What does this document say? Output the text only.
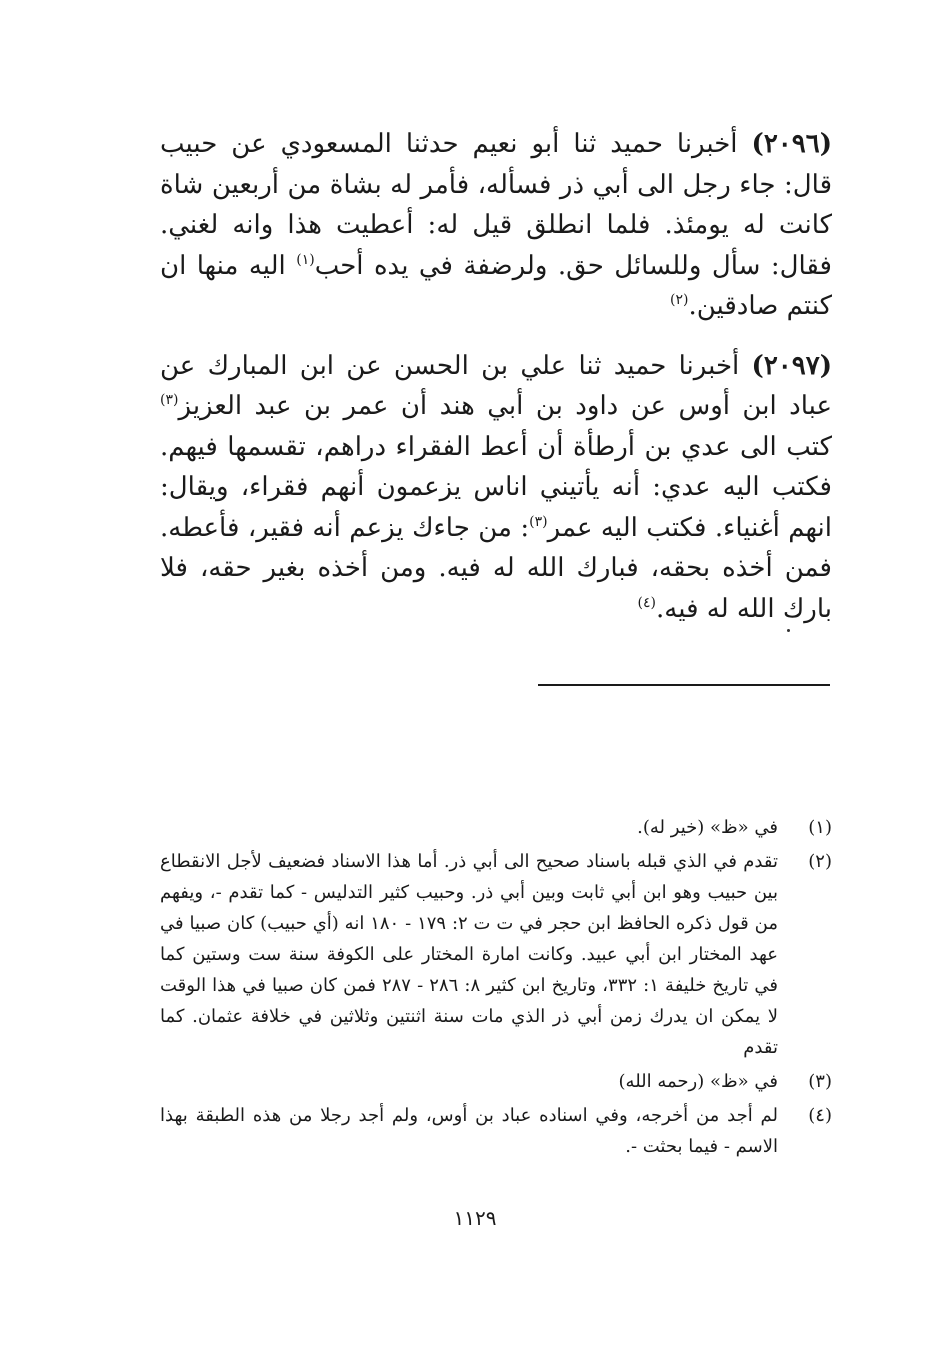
(٢٠٩٦) أخبرنا حميد ثنا أبو نعيم حدثنا المسعودي عن حبيب قال: جاء رجل الى أبي ذر فسأله، فأمر له بشاة من أربعين شاة كانت له يومئذ. فلما انطلق قيل له: أعطيت هذا وانه لغني. فقال: سأل وللسائل حق. ولرضفة في يده أحب$^{(١)}$ اليه منها ان كنتم صادقين.$^{(٢)}$

(٢٠٩٧) أخبرنا حميد ثنا علي بن الحسن عن ابن المبارك عن عباد ابن أوس عن داود بن أبي هند أن عمر بن عبد العزيز$^{(٣)}$ كتب الى عدي بن أرطأة أن أعط الفقراء دراهم، تقسمها فيهم. فكتب اليه عدي: أنه يأتيني اناس يزعمون أنهم فقراء، ويقال: انهم أغنياء. فكتب اليه عمر$^{(٣)}$: من جاءك يزعم أنه فقير، فأعطه. فمن أخذه بحقه، فبارك الله له فيه. ومن أخذه بغير حقه، فلا بارك الله له فيه.$^{(٤)}$

(١)
في «ظ» (خير له).
(٢)
تقدم في الذي قبله باسناد صحيح الى أبي ذر. أما هذا الاسناد فضعيف لأجل الانقطاع بين حبيب وهو ابن أبي ثابت وبين أبي ذر. وحبيب كثير التدليس - كما تقدم -، ويفهم من قول ذكره الحافظ ابن حجر في ت ت ٢: ١٧٩ - ١٨٠ انه (أي حبيب) كان صبيا في عهد المختار ابن أبي عبيد. وكانت امارة المختار على الكوفة سنة ست وستين كما في تاريخ خليفة ١: ٣٣٢، وتاريخ ابن كثير ٨: ٢٨٦ - ٢٨٧ فمن كان صبيا في هذا الوقت لا يمكن ان يدرك زمن أبي ذر الذي مات سنة اثنتين وثلاثين في خلافة عثمان. كما تقدم
(٣)
في «ظ» (رحمه الله)
(٤)
لم أجد من أخرجه، وفي اسناده عباد بن أوس، ولم أجد رجلا من هذه الطبقة بهذا الاسم - فيما بحثت -.
١١٢٩
